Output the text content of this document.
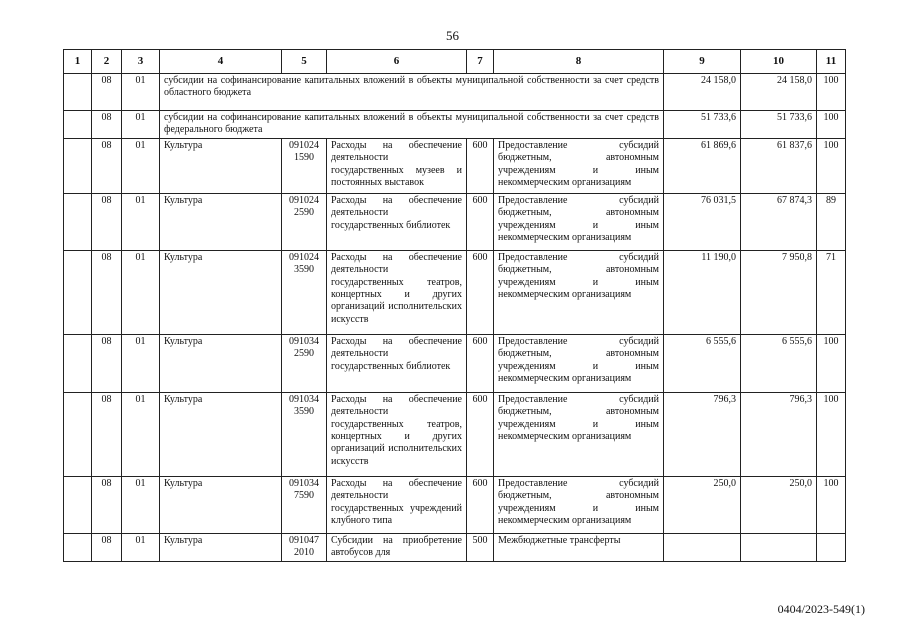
56
1	2	3	4	5	6	7	8	9	10	11
	08	01	субсидии на софинансирование капитальных вложений в объекты муниципальной собственности за счет средств областного бюджета					24 158,0	24 158,0	100
	08	01	субсидии на софинансирование капитальных вложений в объекты муниципальной собственности за счет средств федерального бюджета					51 733,6	51 733,6	100
	08	01	Культура	091024 1590	Расходы на обеспечение деятельности государственных музеев и постоянных выставок	600	Предоставление субсидий бюджетным, автономным учреждениям и иным некоммерческим организациям	61 869,6	61 837,6	100
	08	01	Культура	091024 2590	Расходы на обеспечение деятельности государственных библиотек	600	Предоставление субсидий бюджетным, автономным учреждениям и иным некоммерческим организациям	76 031,5	67 874,3	89
	08	01	Культура	091024 3590	Расходы на обеспечение деятельности государственных театров, концертных и других организаций исполнительских искусств	600	Предоставление субсидий бюджетным, автономным учреждениям и иным некоммерческим организациям	11 190,0	7 950,8	71
	08	01	Культура	091034 2590	Расходы на обеспечение деятельности государственных библиотек	600	Предоставление субсидий бюджетным, автономным учреждениям и иным некоммерческим организациям	6 555,6	6 555,6	100
	08	01	Культура	091034 3590	Расходы на обеспечение деятельности государственных театров, концертных и других организаций исполнительских искусств	600	Предоставление субсидий бюджетным, автономным учреждениям и иным некоммерческим организациям	796,3	796,3	100
	08	01	Культура	091034 7590	Расходы на обеспечение деятельности государственных учреждений клубного типа	600	Предоставление субсидий бюджетным, автономным учреждениям и иным некоммерческим организациям	250,0	250,0	100
	08	01	Культура	091047 2010	Субсидии на приобретение автобусов для	500	Межбюджетные трансферты			
0404/2023-549(1)
